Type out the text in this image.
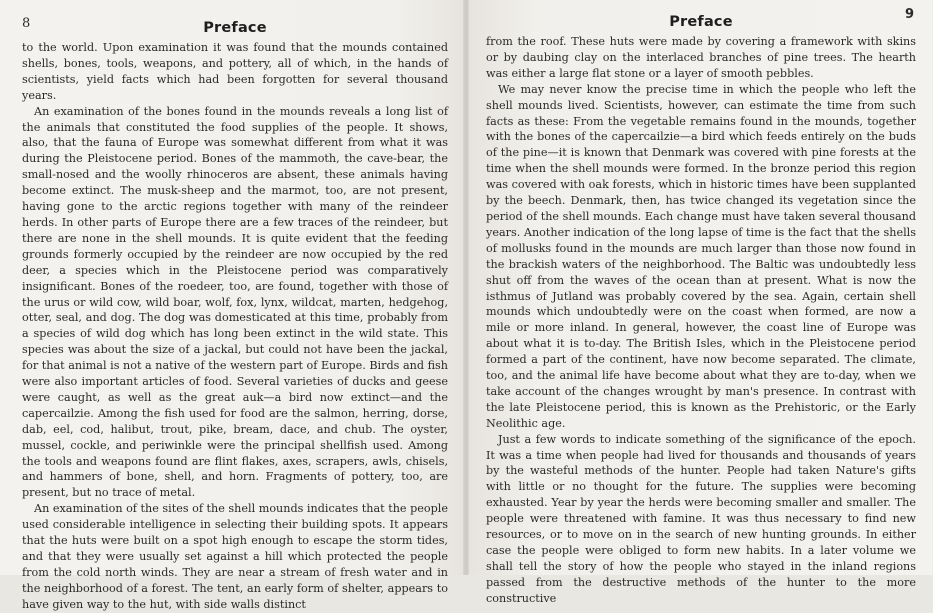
8	Preface

to the world. Upon examination it was found that the mounds contained shells, bones, tools, weapons, and pottery, all of which, in the hands of scientists, yield facts which had been forgotten for several thousand years.

An examination of the bones found in the mounds reveals a long list of the animals that constituted the food supplies of the people. It shows, also, that the fauna of Europe was somewhat different from what it was during the Pleistocene period. Bones of the mammoth, the cave-bear, the small-nosed and the woolly rhinoceros are absent, these animals having become extinct. The musk-sheep and the marmot, too, are not present, having gone to the arctic regions together with many of the reindeer herds. In other parts of Europe there are a few traces of the reindeer, but there are none in the shell mounds. It is quite evident that the feeding grounds formerly occupied by the reindeer are now occupied by the red deer, a species which in the Pleistocene period was comparatively insignificant. Bones of the roedeer, too, are found, together with those of the urus or wild cow, wild boar, wolf, fox, lynx, wildcat, marten, hedgehog, otter, seal, and dog. The dog was domesticated at this time, probably from a species of wild dog which has long been extinct in the wild state. This species was about the size of a jackal, but could not have been the jackal, for that animal is not a native of the western part of Europe. Birds and fish were also important articles of food. Several varieties of ducks and geese were caught, as well as the great auk—a bird now extinct—and the capercailzie. Among the fish used for food are the salmon, herring, dorse, dab, eel, cod, halibut, trout, pike, bream, dace, and chub. The oyster, mussel, cockle, and periwinkle were the principal shellfish used. Among the tools and weapons found are flint flakes, axes, scrapers, awls, chisels, and hammers of bone, shell, and horn. Fragments of pottery, too, are present, but no trace of metal.

An examination of the sites of the shell mounds indicates that the people used considerable intelligence in selecting their building spots. It appears that the huts were built on a spot high enough to escape the storm tides, and that they were usually set against a hill which protected the people from the cold north winds. They are near a stream of fresh water and in the neighborhood of a forest. The tent, an early form of shelter, appears to have given way to the hut, with side walls distinct

Preface	9

from the roof. These huts were made by covering a framework with skins or by daubing clay on the interlaced branches of pine trees. The hearth was either a large flat stone or a layer of smooth pebbles.

We may never know the precise time in which the people who left the shell mounds lived. Scientists, however, can estimate the time from such facts as these: From the vegetable remains found in the mounds, together with the bones of the capercailzie—a bird which feeds entirely on the buds of the pine—it is known that Denmark was covered with pine forests at the time when the shell mounds were formed. In the bronze period this region was covered with oak forests, which in historic times have been supplanted by the beech. Denmark, then, has twice changed its vegetation since the period of the shell mounds. Each change must have taken several thousand years. Another indication of the long lapse of time is the fact that the shells of mollusks found in the mounds are much larger than those now found in the brackish waters of the neighborhood. The Baltic was undoubtedly less shut off from the waves of the ocean than at present. What is now the isthmus of Jutland was probably covered by the sea. Again, certain shell mounds which undoubtedly were on the coast when formed, are now a mile or more inland. In general, however, the coast line of Europe was about what it is to-day. The British Isles, which in the Pleistocene period formed a part of the continent, have now become separated. The climate, too, and the animal life have become about what they are to-day, when we take account of the changes wrought by man's presence. In contrast with the late Pleistocene period, this is known as the Prehistoric, or the Early Neolithic age.

Just a few words to indicate something of the significance of the epoch. It was a time when people had lived for thousands and thousands of years by the wasteful methods of the hunter. People had taken Nature's gifts with little or no thought for the future. The supplies were becoming exhausted. Year by year the herds were becoming smaller and smaller. The people were threatened with famine. It was thus necessary to find new resources, or to move on in the search of new hunting grounds. In either case the people were obliged to form new habits. In a later volume we shall tell the story of how the people who stayed in the inland regions passed from the destructive methods of the hunter to the more constructive
